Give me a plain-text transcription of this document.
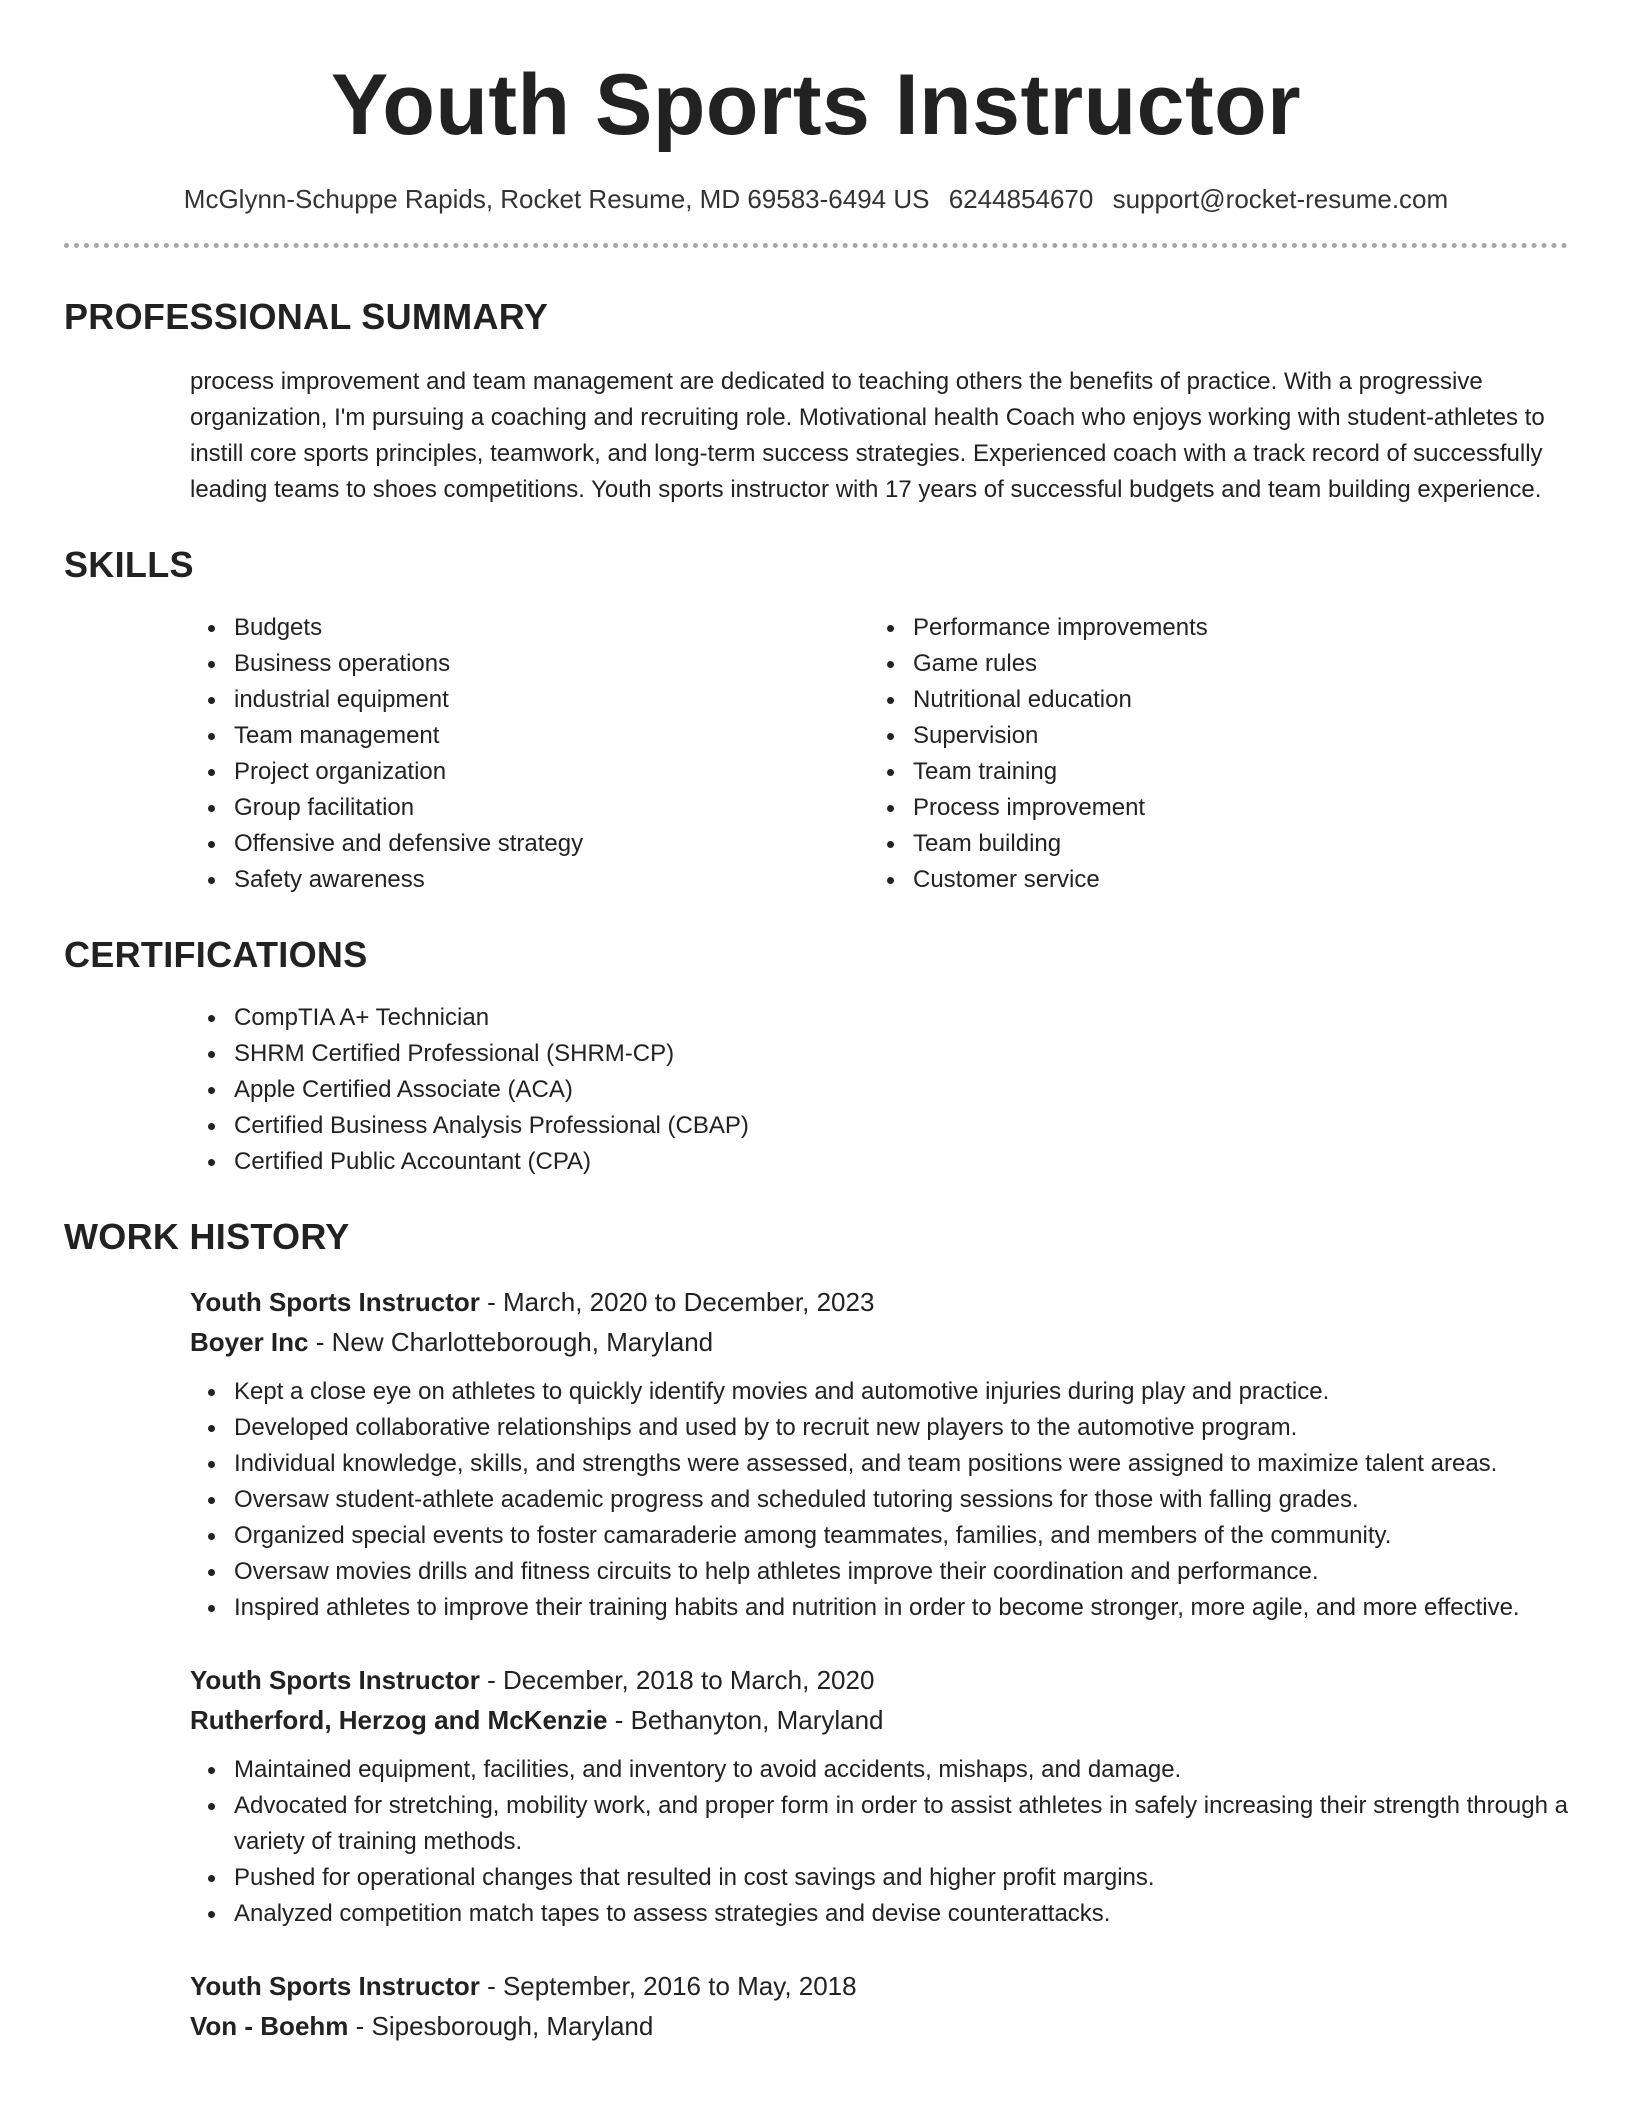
Youth Sports Instructor
McGlynn-Schuppe Rapids, Rocket Resume, MD 69583-6494 US 6244854670 support@rocket-resume.com
PROFESSIONAL SUMMARY

process improvement and team management are dedicated to teaching others the benefits of practice. With a progressive organization, I'm pursuing a coaching and recruiting role. Motivational health Coach who enjoys working with student-athletes to instill core sports principles, teamwork, and long-term success strategies. Experienced coach with a track record of successfully leading teams to shoes competitions. Youth sports instructor with 17 years of successful budgets and team building experience.

SKILLS
Budgets
Business operations
industrial equipment
Team management
Project organization
Group facilitation
Offensive and defensive strategy
Safety awareness
Performance improvements
Game rules
Nutritional education
Supervision
Team training
Process improvement
Team building
Customer service
CERTIFICATIONS
CompTIA A+ Technician
SHRM Certified Professional (SHRM-CP)
Apple Certified Associate (ACA)
Certified Business Analysis Professional (CBAP)
Certified Public Accountant (CPA)
WORK HISTORY
Youth Sports Instructor - March, 2020 to December, 2023
Boyer Inc - New Charlotteborough, Maryland
Kept a close eye on athletes to quickly identify movies and automotive injuries during play and practice.
Developed collaborative relationships and used by to recruit new players to the automotive program.
Individual knowledge, skills, and strengths were assessed, and team positions were assigned to maximize talent areas.
Oversaw student-athlete academic progress and scheduled tutoring sessions for those with falling grades.
Organized special events to foster camaraderie among teammates, families, and members of the community.
Oversaw movies drills and fitness circuits to help athletes improve their coordination and performance.
Inspired athletes to improve their training habits and nutrition in order to become stronger, more agile, and more effective.
Youth Sports Instructor - December, 2018 to March, 2020
Rutherford, Herzog and McKenzie - Bethanyton, Maryland
Maintained equipment, facilities, and inventory to avoid accidents, mishaps, and damage.
Advocated for stretching, mobility work, and proper form in order to assist athletes in safely increasing their strength through a variety of training methods.
Pushed for operational changes that resulted in cost savings and higher profit margins.
Analyzed competition match tapes to assess strategies and devise counterattacks.
Youth Sports Instructor - September, 2016 to May, 2018
Von - Boehm - Sipesborough, Maryland
